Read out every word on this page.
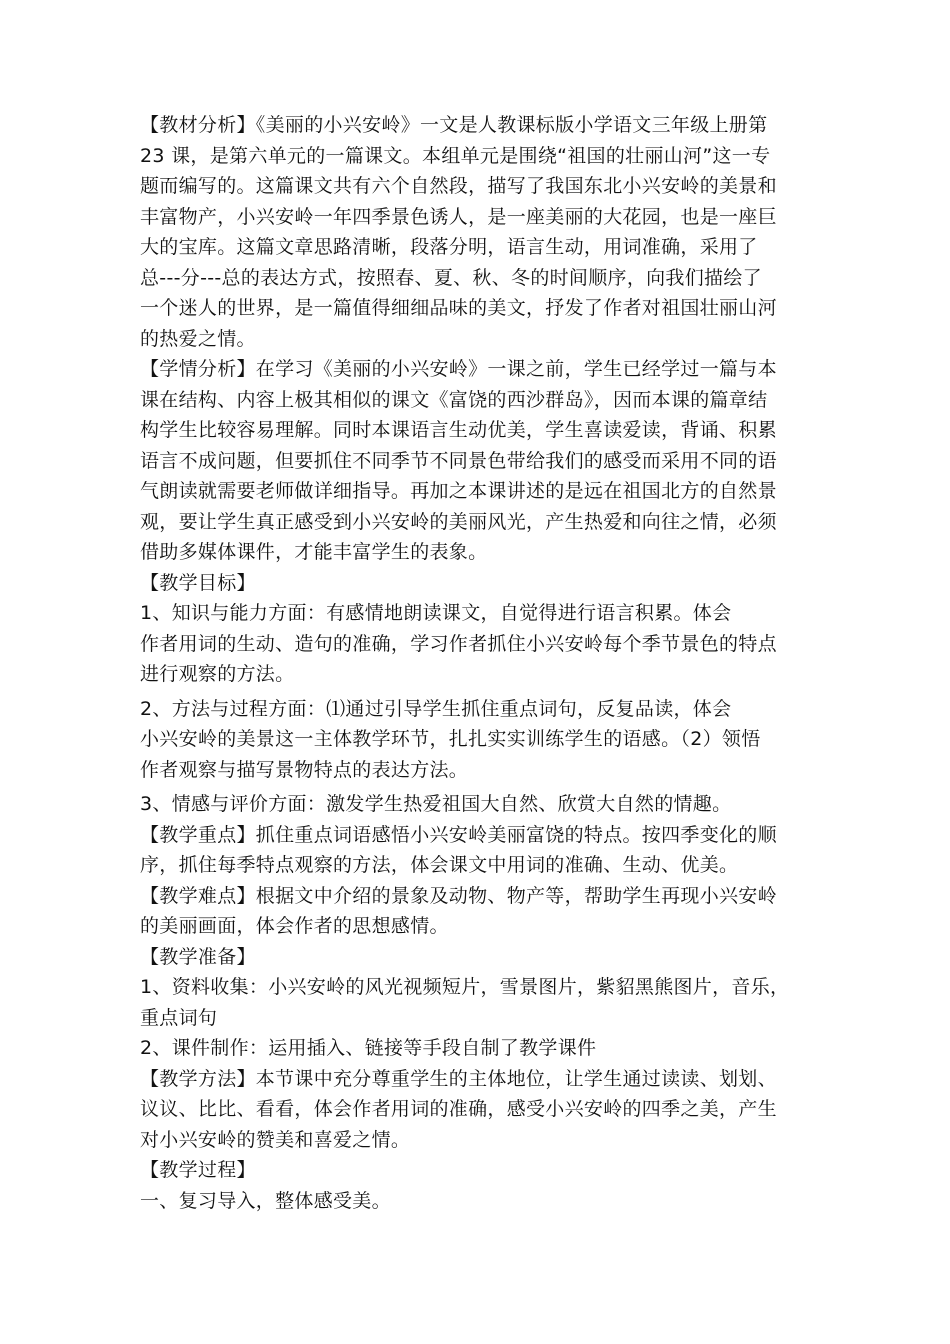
【教材分析】《美丽的小兴安岭》一文是人教课标版小学语文三年级上册第
23 课，是第六单元的一篇课文。本组单元是围绕“祖国的壮丽山河”这一专
题而编写的。这篇课文共有六个自然段，描写了我国东北小兴安岭的美景和
丰富物产，小兴安岭一年四季景色诱人，是一座美丽的大花园，也是一座巨
大的宝库。这篇文章思路清晰，段落分明，语言生动，用词准确，采用了
总---分---总的表达方式，按照春、夏、秋、冬的时间顺序，向我们描绘了
一个迷人的世界，是一篇值得细细品味的美文，抒发了作者对祖国壮丽山河
的热爱之情。
【学情分析】在学习《美丽的小兴安岭》一课之前，学生已经学过一篇与本
课在结构、内容上极其相似的课文《富饶的西沙群岛》，因而本课的篇章结
构学生比较容易理解。同时本课语言生动优美，学生喜读爱读，背诵、积累
语言不成问题，但要抓住不同季节不同景色带给我们的感受而采用不同的语
气朗读就需要老师做详细指导。再加之本课讲述的是远在祖国北方的自然景
观，要让学生真正感受到小兴安岭的美丽风光，产生热爱和向往之情，必须
借助多媒体课件，才能丰富学生的表象。
【教学目标】
1、知识与能力方面：有感情地朗读课文，自觉得进行语言积累。体会
作者用词的生动、造句的准确，学习作者抓住小兴安岭每个季节景色的特点
进行观察的方法。
2、方法与过程方面：⑴通过引导学生抓住重点词句，反复品读，体会
小兴安岭的美景这一主体教学环节，扎扎实实训练学生的语感。（2）领悟
作者观察与描写景物特点的表达方法。
3、情感与评价方面：激发学生热爱祖国大自然、欣赏大自然的情趣。
【教学重点】抓住重点词语感悟小兴安岭美丽富饶的特点。按四季变化的顺
序，抓住每季特点观察的方法，体会课文中用词的准确、生动、优美。
【教学难点】根据文中介绍的景象及动物、物产等，帮助学生再现小兴安岭
的美丽画面，体会作者的思想感情。
【教学准备】
1、资料收集：小兴安岭的风光视频短片，雪景图片，紫貂黑熊图片，音乐，
重点词句
2、课件制作：运用插入、链接等手段自制了教学课件
【教学方法】本节课中充分尊重学生的主体地位，让学生通过读读、划划、
议议、比比、看看，体会作者用词的准确，感受小兴安岭的四季之美，产生
对小兴安岭的赞美和喜爱之情。
【教学过程】
一、复习导入，整体感受美。
